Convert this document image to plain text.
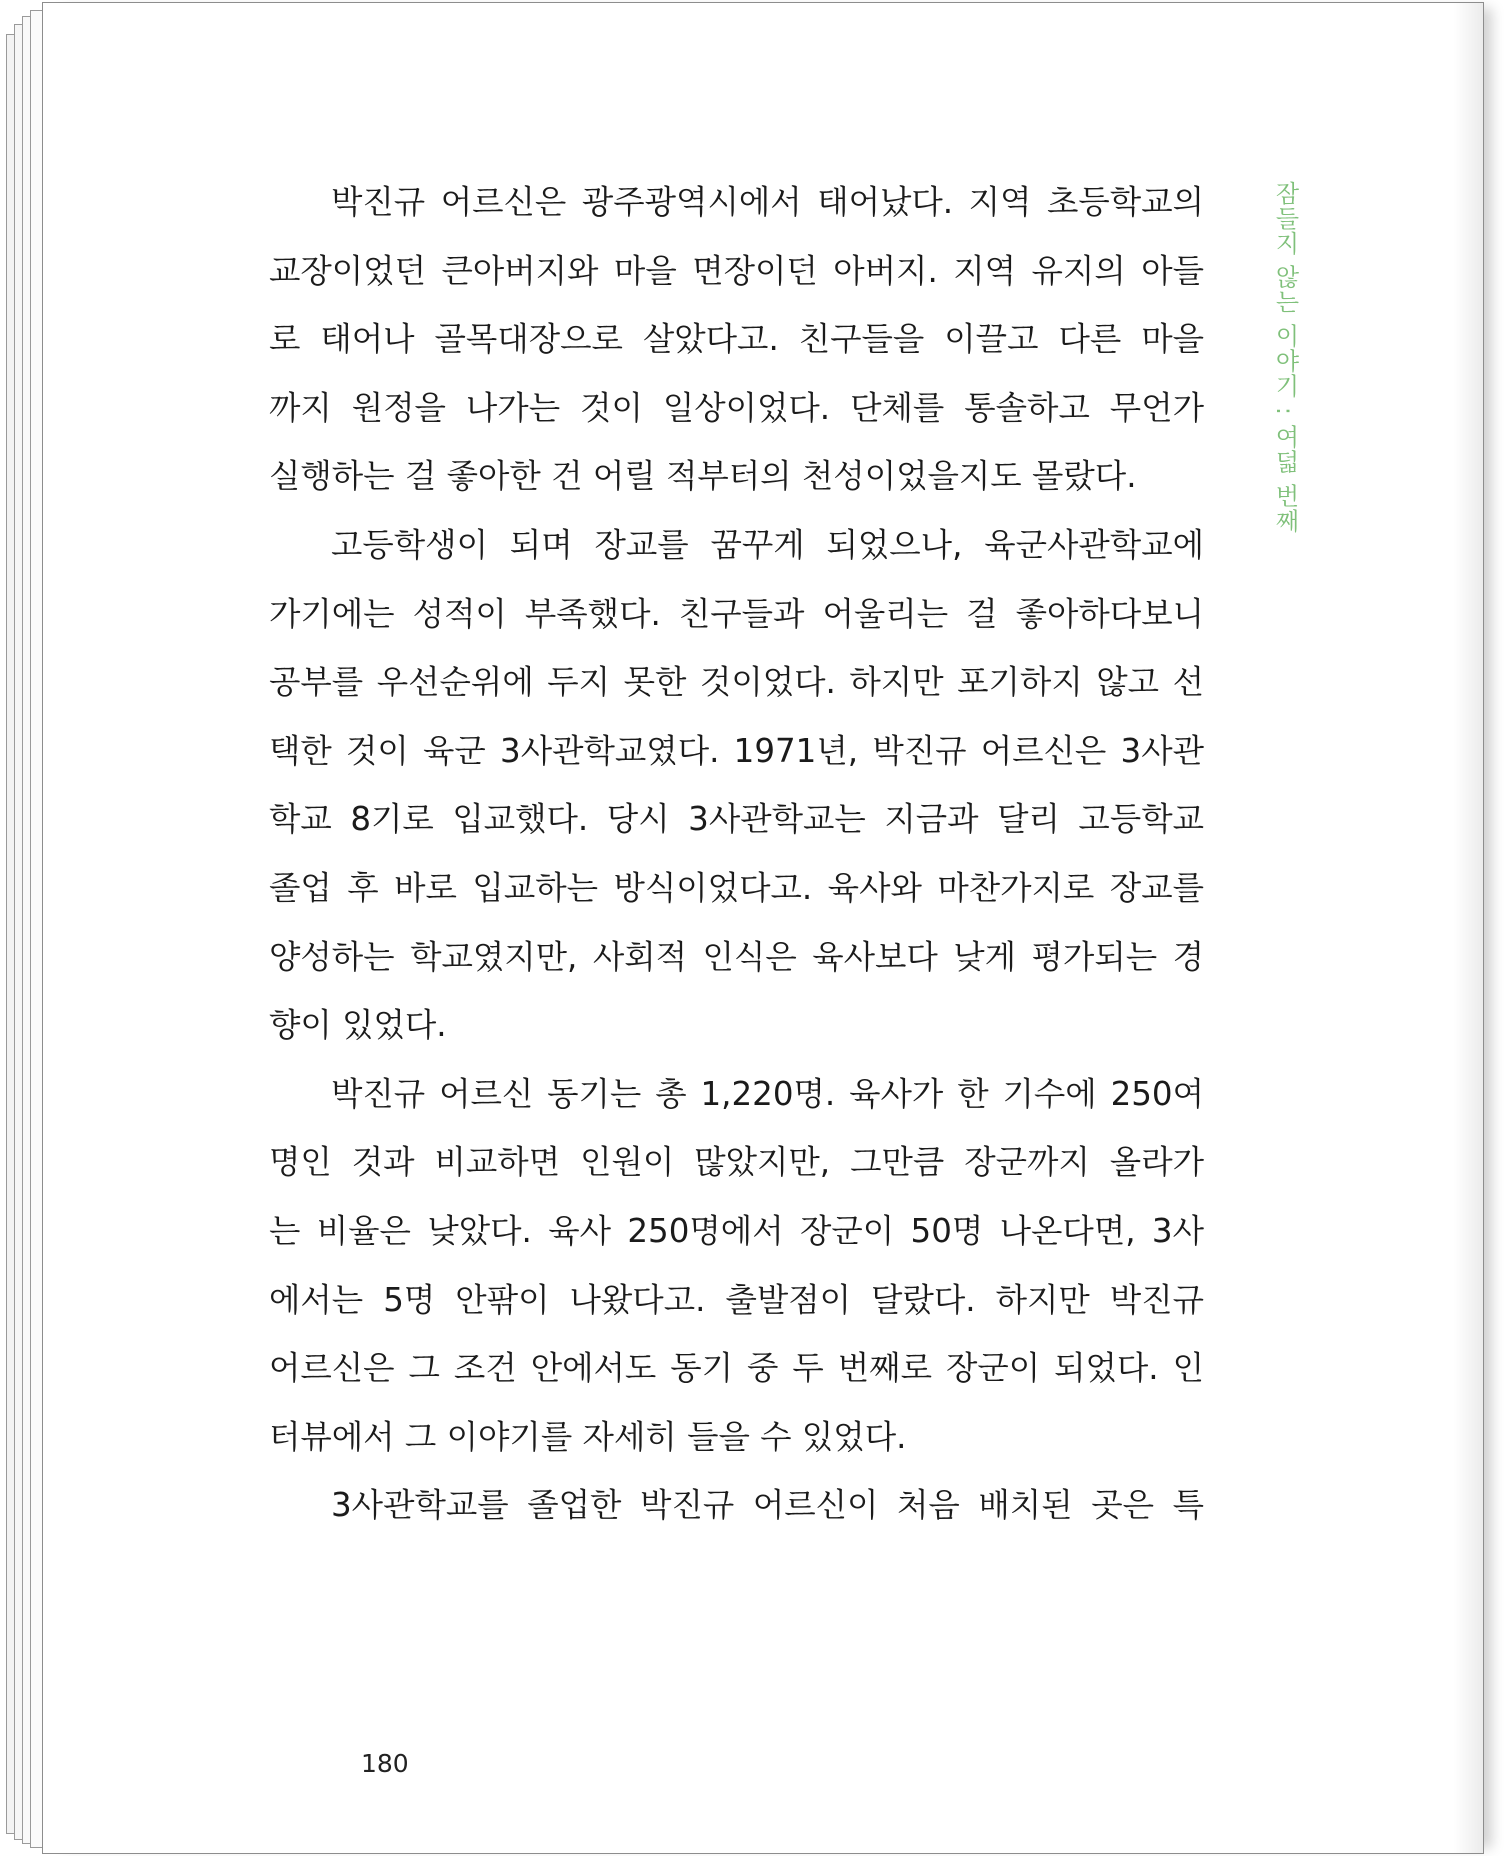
잠들지 않는 이야기 : 여덟 번째
박진규 어르신은 광주광역시에서 태어났다. 지역 초등학교의
교장이었던 큰아버지와 마을 면장이던 아버지. 지역 유지의 아들
로 태어나 골목대장으로 살았다고. 친구들을 이끌고 다른 마을
까지 원정을 나가는 것이 일상이었다. 단체를 통솔하고 무언가
실행하는 걸 좋아한 건 어릴 적부터의 천성이었을지도 몰랐다.
고등학생이 되며 장교를 꿈꾸게 되었으나, 육군사관학교에
가기에는 성적이 부족했다. 친구들과 어울리는 걸 좋아하다보니
공부를 우선순위에 두지 못한 것이었다. 하지만 포기하지 않고 선
택한 것이 육군 3사관학교였다. 1971년, 박진규 어르신은 3사관
학교 8기로 입교했다. 당시 3사관학교는 지금과 달리 고등학교
졸업 후 바로 입교하는 방식이었다고. 육사와 마찬가지로 장교를
양성하는 학교였지만, 사회적 인식은 육사보다 낮게 평가되는 경
향이 있었다.
박진규 어르신 동기는 총 1,220명. 육사가 한 기수에 250여
명인 것과 비교하면 인원이 많았지만, 그만큼 장군까지 올라가
는 비율은 낮았다. 육사 250명에서 장군이 50명 나온다면, 3사
에서는 5명 안팎이 나왔다고. 출발점이 달랐다. 하지만 박진규
어르신은 그 조건 안에서도 동기 중 두 번째로 장군이 되었다. 인
터뷰에서 그 이야기를 자세히 들을 수 있었다.
3사관학교를 졸업한 박진규 어르신이 처음 배치된 곳은 특
180
